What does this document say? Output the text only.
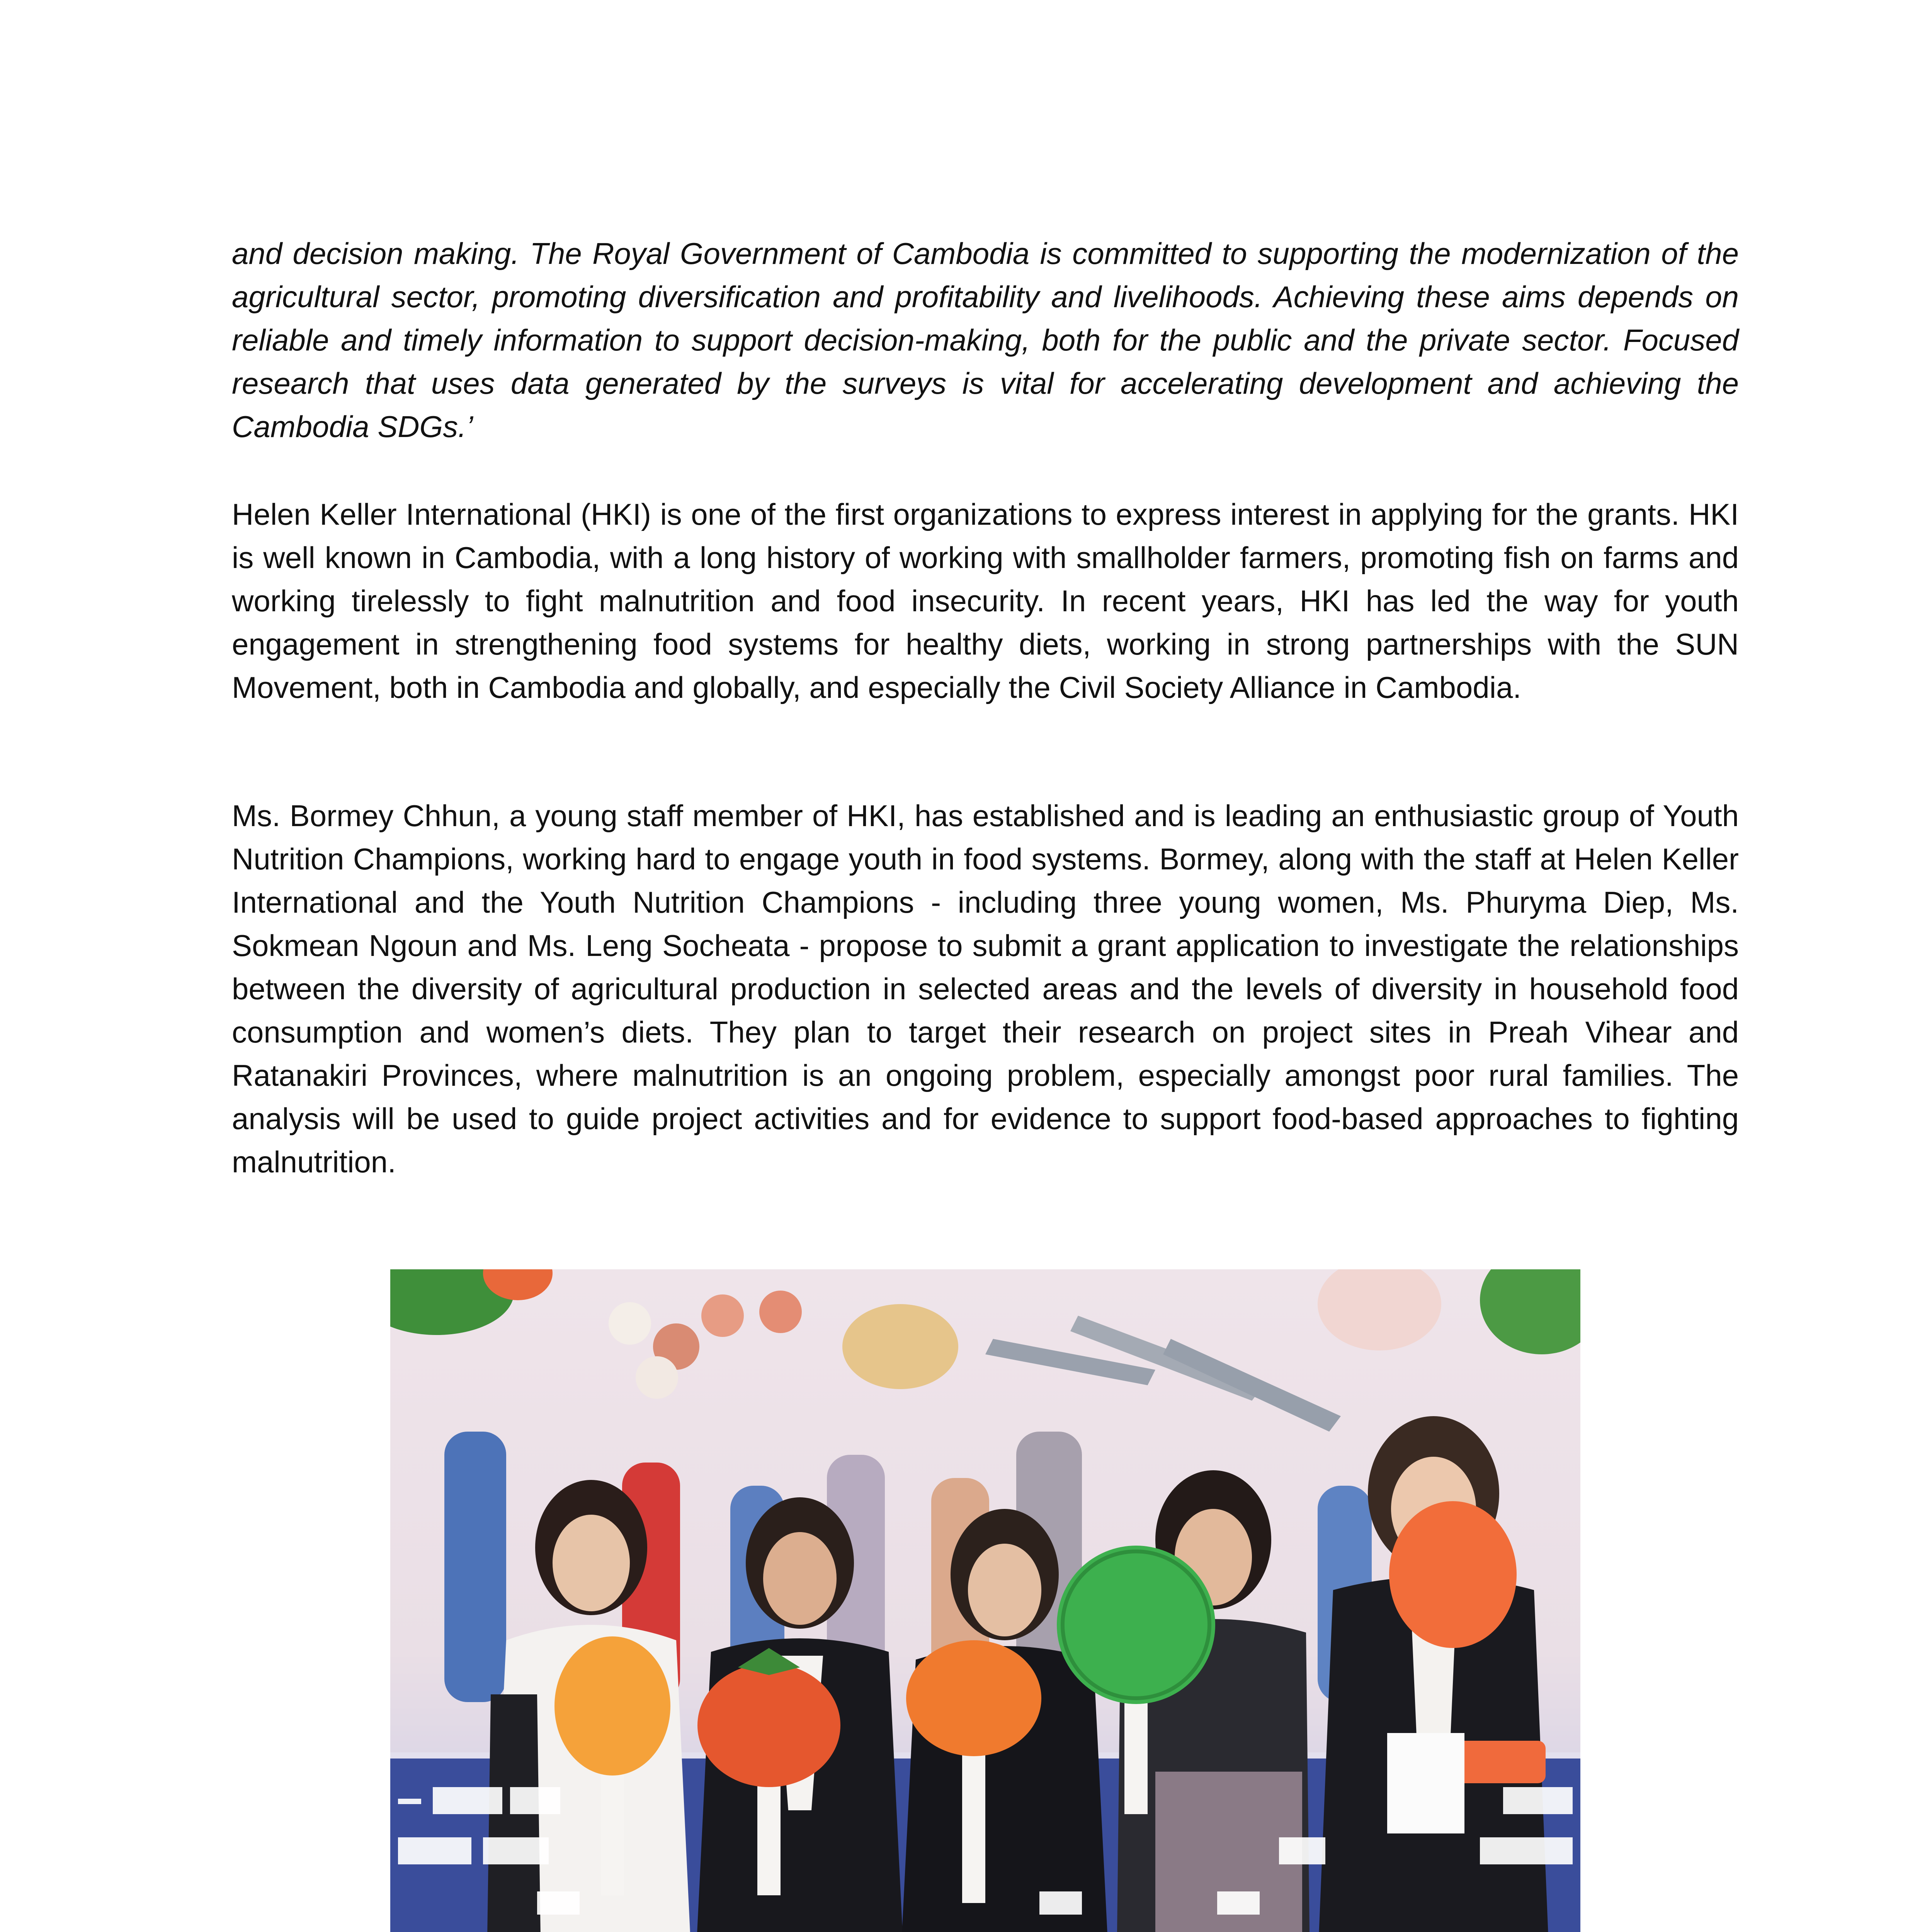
and decision making. The Royal Government of Cambodia is committed to supporting the modernization of the agricultural sector, promoting diversification and profitability and livelihoods. Achieving these aims depends on reliable and timely information to support decision-making, both for the public and the private sector. Focused research that uses data generated by the surveys is vital for accelerating development and achieving the Cambodia SDGs.’

Helen Keller International (HKI) is one of the first organizations to express interest in applying for the grants. HKI is well known in Cambodia, with a long history of working with smallholder farmers, promoting fish on farms and working tirelessly to fight malnutrition and food insecurity. In recent years, HKI has led the way for youth engagement in strengthening food systems for healthy diets, working in strong partnerships with the SUN Movement, both in Cambodia and globally, and especially the Civil Society Alliance in Cambodia.

Ms. Bormey Chhun, a young staff member of HKI, has established and is leading an enthusiastic group of Youth Nutrition Champions, working hard to engage youth in food systems. Bormey, along with the staff at Helen Keller International and the Youth Nutrition Champions - including three young women, Ms. Phuryma Diep, Ms. Sokmean Ngoun and Ms. Leng Socheata - propose to submit a grant application to investigate the relationships between the diversity of agricultural production in selected areas and the levels of diversity in household food consumption and women’s diets. They plan to target their research on project sites in Preah Vihear and Ratanakiri Provinces, where malnutrition is an ongoing problem, especially amongst poor rural families. The analysis will be used to guide project activities and for evidence to support food-based approaches to fighting malnutrition.
